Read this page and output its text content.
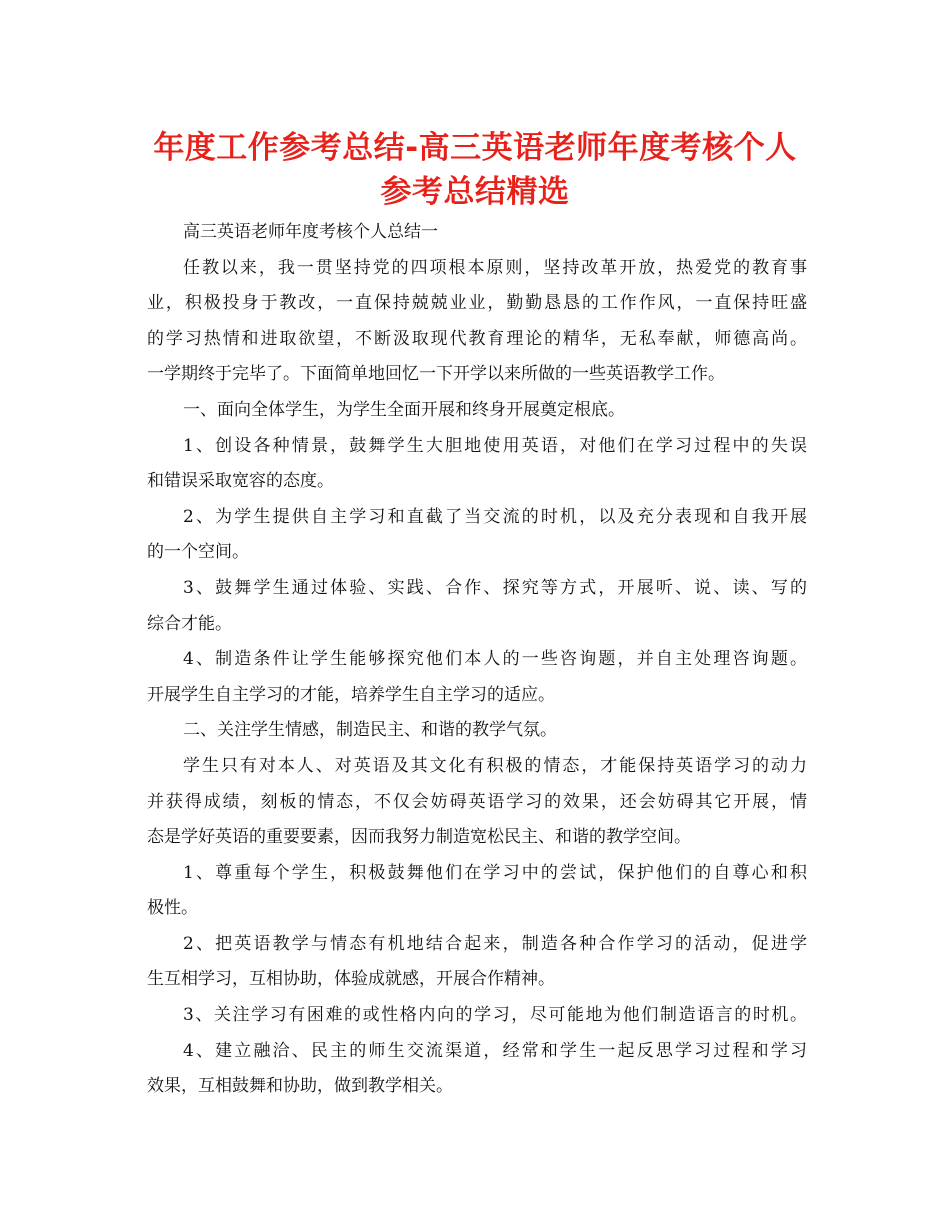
年度工作参考总结-高三英语老师年度考核个人
参考总结精选
高三英语老师年度考核个人总结一
任教以来，我一贯坚持党的四项根本原则，坚持改革开放，热爱党的教育事
业，积极投身于教改，一直保持兢兢业业，勤勤恳恳的工作作风，一直保持旺盛
的学习热情和进取欲望，不断汲取现代教育理论的精华，无私奉献，师德高尚。
一学期终于完毕了。下面简单地回忆一下开学以来所做的一些英语教学工作。
一、面向全体学生，为学生全面开展和终身开展奠定根底。
1、创设各种情景，鼓舞学生大胆地使用英语，对他们在学习过程中的失误
和错误采取宽容的态度。
2、为学生提供自主学习和直截了当交流的时机，以及充分表现和自我开展
的一个空间。
3、鼓舞学生通过体验、实践、合作、探究等方式，开展听、说、读、写的
综合才能。
4、制造条件让学生能够探究他们本人的一些咨询题，并自主处理咨询题。
开展学生自主学习的才能，培养学生自主学习的适应。
二、关注学生情感，制造民主、和谐的教学气氛。
学生只有对本人、对英语及其文化有积极的情态，才能保持英语学习的动力
并获得成绩，刻板的情态，不仅会妨碍英语学习的效果，还会妨碍其它开展，情
态是学好英语的重要要素，因而我努力制造宽松民主、和谐的教学空间。
1、尊重每个学生，积极鼓舞他们在学习中的尝试，保护他们的自尊心和积
极性。
2、把英语教学与情态有机地结合起来，制造各种合作学习的活动，促进学
生互相学习，互相协助，体验成就感，开展合作精神。
3、关注学习有困难的或性格内向的学习，尽可能地为他们制造语言的时机。
4、建立融洽、民主的师生交流渠道，经常和学生一起反思学习过程和学习
效果，互相鼓舞和协助，做到教学相关。
